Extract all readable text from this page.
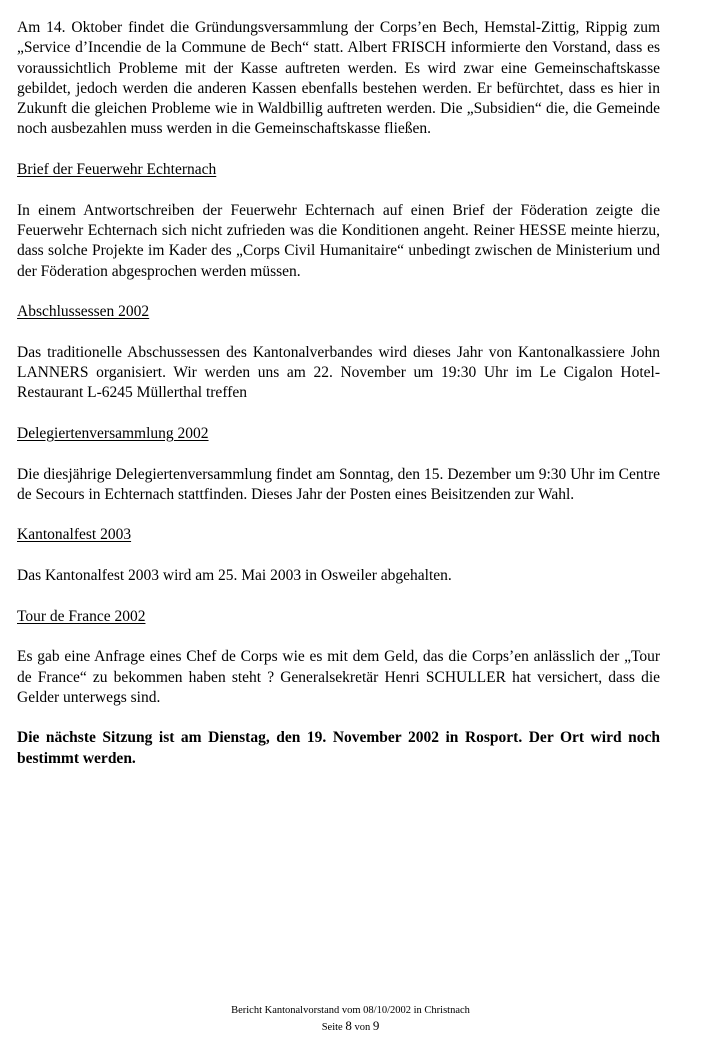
Am 14. Oktober findet die Gründungsversammlung der Corps’en Bech, Hemstal-Zittig, Rippig zum „Service d’Incendie de la Commune de Bech“ statt. Albert FRISCH informierte den Vorstand, dass es voraussichtlich Probleme mit der Kasse auftreten werden. Es wird zwar eine Gemeinschaftskasse gebildet, jedoch werden die anderen Kassen ebenfalls bestehen werden. Er befürchtet, dass es hier in Zukunft die gleichen Probleme wie in Waldbillig auftreten werden. Die „Subsidien“ die, die Gemeinde noch ausbezahlen muss werden in die Gemeinschaftskasse fließen.

Brief der Feuerwehr Echternach

In einem Antwortschreiben der Feuerwehr Echternach auf einen Brief der Föderation zeigte die Feuerwehr Echternach sich nicht zufrieden was die Konditionen angeht. Reiner HESSE meinte hierzu, dass solche Projekte im Kader des „Corps Civil Humanitaire“ unbedingt zwischen de Ministerium und der Föderation abgesprochen werden müssen.

Abschlussessen 2002

Das traditionelle Abschussessen des Kantonalverbandes wird dieses Jahr von Kantonalkassiere John LANNERS organisiert. Wir werden uns am 22. November um 19:30 Uhr im Le Cigalon Hotel-Restaurant L-6245 Müllerthal treffen

Delegiertenversammlung 2002

Die diesjährige Delegiertenversammlung findet am Sonntag, den 15. Dezember um 9:30 Uhr im Centre de Secours in Echternach stattfinden. Dieses Jahr der Posten eines Beisitzenden zur Wahl.

Kantonalfest 2003

Das Kantonalfest 2003 wird am 25. Mai 2003 in Osweiler abgehalten.

Tour de France 2002

Es gab eine Anfrage eines Chef de Corps wie es mit dem Geld, das die Corps’en anlässlich der „Tour de France“ zu bekommen haben steht ? Generalsekretär Henri SCHULLER hat versichert, dass die Gelder unterwegs sind.

Die nächste Sitzung ist am Dienstag, den 19. November 2002 in Rosport. Der Ort wird noch bestimmt werden.

Bericht Kantonalvorstand vom 08/10/2002 in Christnach
Seite 8 von 9
